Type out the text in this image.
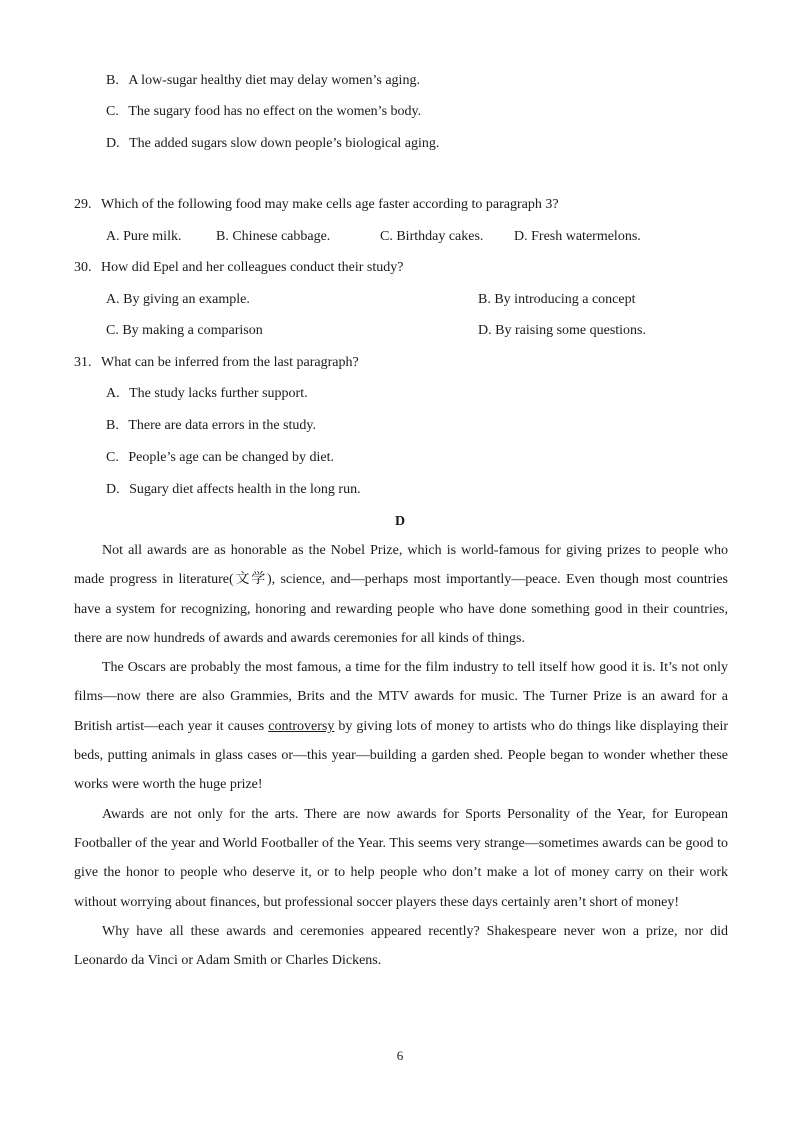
B. A low-sugar healthy diet may delay women’s aging.
C. The sugary food has no effect on the women’s body.
D. The added sugars slow down people’s biological aging.
29. Which of the following food may make cells age faster according to paragraph 3?
A. Pure milk. B. Chinese cabbage.	C. Birthday cakes. D. Fresh watermelons.
30. How did Epel and her colleagues conduct their study?
A. By giving an example.	B. By introducing a concept
C. By making a comparison	D. By raising some questions.
31. What can be inferred from the last paragraph?
A. The study lacks further support.
B. There are data errors in the study.
C. People’s age can be changed by diet.
D. Sugary diet affects health in the long run.
D

Not all awards are as honorable as the Nobel Prize, which is world-famous for giving prizes to people who made progress in literature(文学), science, and—perhaps most importantly—peace. Even though most countries have a system for recognizing, honoring and rewarding people who have done something good in their countries, there are now hundreds of awards and awards ceremonies for all kinds of things.

The Oscars are probably the most famous, a time for the film industry to tell itself how good it is. It’s not only films—now there are also Grammies, Brits and the MTV awards for music. The Turner Prize is an award for a British artist—each year it causes controversy by giving lots of money to artists who do things like displaying their beds, putting animals in glass cases or—this year—building a garden shed. People began to wonder whether these works were worth the huge prize!

Awards are not only for the arts. There are now awards for Sports Personality of the Year, for European Footballer of the year and World Footballer of the Year. This seems very strange—sometimes awards can be good to give the honor to people who deserve it, or to help people who don’t make a lot of money carry on their work without worrying about finances, but professional soccer players these days certainly aren’t short of money!

Why have all these awards and ceremonies appeared recently? Shakespeare never won a prize, nor did Leonardo da Vinci or Adam Smith or Charles Dickens.

6
